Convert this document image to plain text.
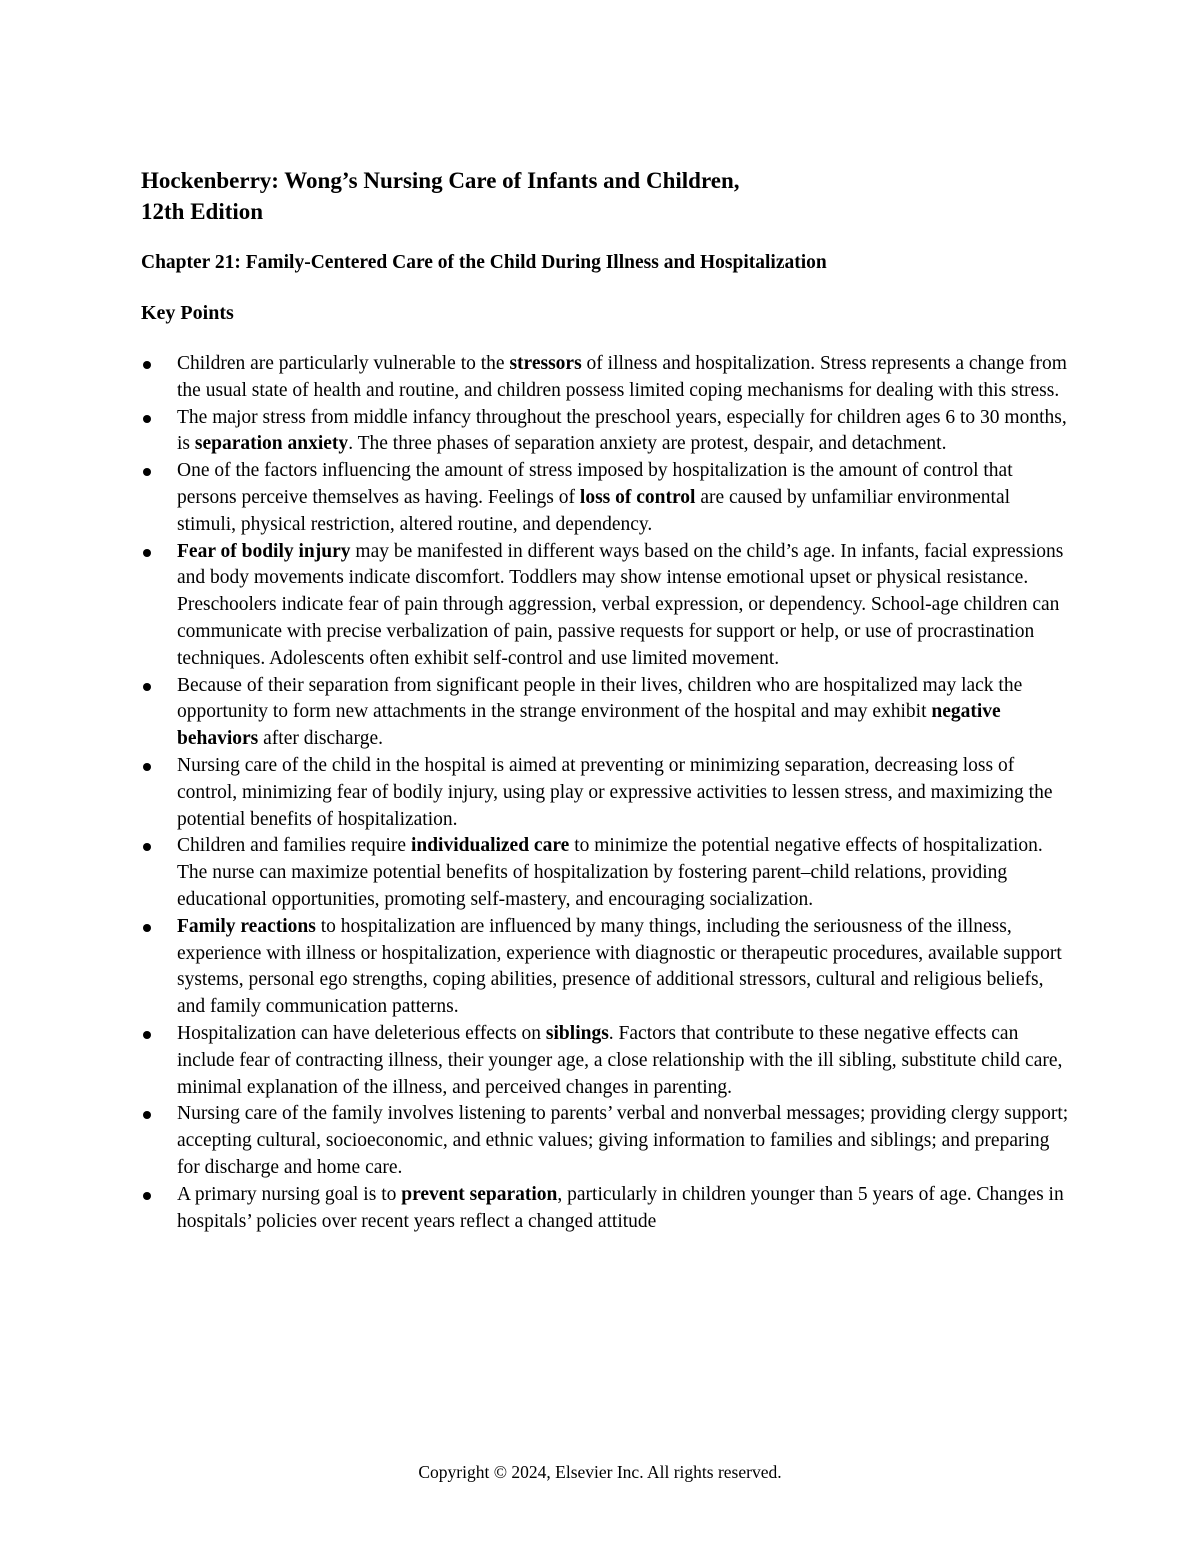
Hockenberry: Wong’s Nursing Care of Infants and Children,
12th Edition
Chapter 21: Family-Centered Care of the Child During Illness and Hospitalization
Key Points
Children are particularly vulnerable to the stressors of illness and hospitalization. Stress represents a change from the usual state of health and routine, and children possess limited coping mechanisms for dealing with this stress.
The major stress from middle infancy throughout the preschool years, especially for children ages 6 to 30 months, is separation anxiety. The three phases of separation anxiety are protest, despair, and detachment.
One of the factors influencing the amount of stress imposed by hospitalization is the amount of control that persons perceive themselves as having. Feelings of loss of control are caused by unfamiliar environmental stimuli, physical restriction, altered routine, and dependency.
Fear of bodily injury may be manifested in different ways based on the child’s age. In infants, facial expressions and body movements indicate discomfort. Toddlers may show intense emotional upset or physical resistance. Preschoolers indicate fear of pain through aggression, verbal expression, or dependency. School-age children can communicate with precise verbalization of pain, passive requests for support or help, or use of procrastination techniques. Adolescents often exhibit self-control and use limited movement.
Because of their separation from significant people in their lives, children who are hospitalized may lack the opportunity to form new attachments in the strange environment of the hospital and may exhibit negative behaviors after discharge.
Nursing care of the child in the hospital is aimed at preventing or minimizing separation, decreasing loss of control, minimizing fear of bodily injury, using play or expressive activities to lessen stress, and maximizing the potential benefits of hospitalization.
Children and families require individualized care to minimize the potential negative effects of hospitalization. The nurse can maximize potential benefits of hospitalization by fostering parent–child relations, providing educational opportunities, promoting self-mastery, and encouraging socialization.
Family reactions to hospitalization are influenced by many things, including the seriousness of the illness, experience with illness or hospitalization, experience with diagnostic or therapeutic procedures, available support systems, personal ego strengths, coping abilities, presence of additional stressors, cultural and religious beliefs, and family communication patterns.
Hospitalization can have deleterious effects on siblings. Factors that contribute to these negative effects can include fear of contracting illness, their younger age, a close relationship with the ill sibling, substitute child care, minimal explanation of the illness, and perceived changes in parenting.
Nursing care of the family involves listening to parents’ verbal and nonverbal messages; providing clergy support; accepting cultural, socioeconomic, and ethnic values; giving information to families and siblings; and preparing for discharge and home care.
A primary nursing goal is to prevent separation, particularly in children younger than 5 years of age. Changes in hospitals’ policies over recent years reflect a changed attitude

Copyright © 2024, Elsevier Inc. All rights reserved.
